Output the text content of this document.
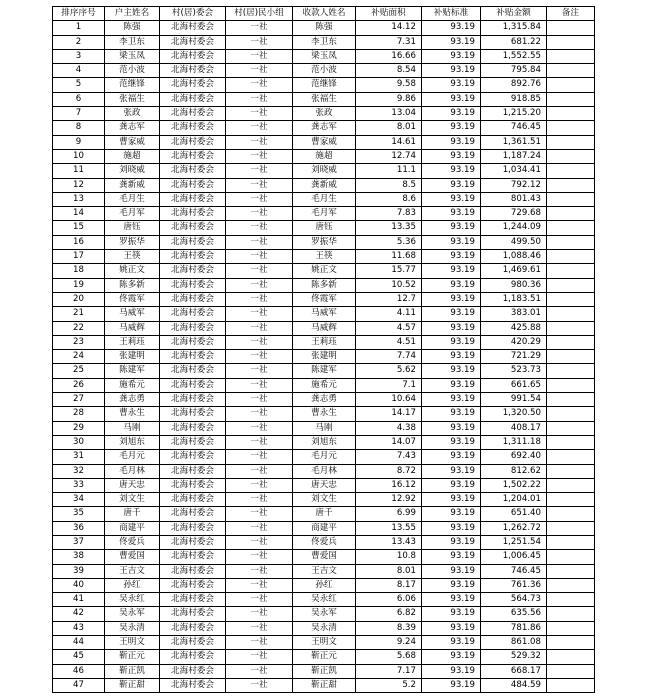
排序序号	户主姓名	村(居)委会	村(居)民小组	收款人姓名	补贴面积	补贴标准	补贴金额	备注
1	陈强	北海村委会	一社	陈强	14.12	93.19	1,315.84	
2	李卫东	北海村委会	一社	李卫东	7.31	93.19	681.22	
3	梁玉凤	北海村委会	一社	梁玉凤	16.66	93.19	1,552.55	
4	范小波	北海村委会	一社	范小波	8.54	93.19	795.84	
5	范继锋	北海村委会	一社	范继锋	9.58	93.19	892.76	
6	张福生	北海村委会	一社	张福生	9.86	93.19	918.85	
7	张政	北海村委会	一社	张政	13.04	93.19	1,215.20	
8	龚志军	北海村委会	一社	龚志军	8.01	93.19	746.45	
9	曹家威	北海村委会	一社	曹家威	14.61	93.19	1,361.51	
10	施超	北海村委会	一社	施超	12.74	93.19	1,187.24	
11	刘晓威	北海村委会	一社	刘晓威	11.1	93.19	1,034.41	
12	龚新威	北海村委会	一社	龚新威	8.5	93.19	792.12	
13	毛月生	北海村委会	一社	毛月生	8.6	93.19	801.43	
14	毛月军	北海村委会	一社	毛月军	7.83	93.19	729.68	
15	唐钰	北海村委会	一社	唐钰	13.35	93.19	1,244.09	
16	罗振华	北海村委会	一社	罗振华	5.36	93.19	499.50	
17	王筷	北海村委会	一社	王筷	11.68	93.19	1,088.46	
18	姚正文	北海村委会	一社	姚正文	15.77	93.19	1,469.61	
19	陈多新	北海村委会	一社	陈多新	10.52	93.19	980.36	
20	佟霞军	北海村委会	一社	佟霞军	12.7	93.19	1,183.51	
21	马威军	北海村委会	一社	马威军	4.11	93.19	383.01	
22	马威辉	北海村委会	一社	马威辉	4.57	93.19	425.88	
23	王莉珏	北海村委会	一社	王莉珏	4.51	93.19	420.29	
24	张建明	北海村委会	一社	张建明	7.74	93.19	721.29	
25	陈建军	北海村委会	一社	陈建军	5.62	93.19	523.73	
26	施希元	北海村委会	一社	施希元	7.1	93.19	661.65	
27	龚志勇	北海村委会	一社	龚志勇	10.64	93.19	991.54	
28	曹永生	北海村委会	一社	曹永生	14.17	93.19	1,320.50	
29	马刚	北海村委会	一社	马刚	4.38	93.19	408.17	
30	刘旭东	北海村委会	一社	刘旭东	14.07	93.19	1,311.18	
31	毛月元	北海村委会	一社	毛月元	7.43	93.19	692.40	
32	毛月林	北海村委会	一社	毛月林	8.72	93.19	812.62	
33	唐天忠	北海村委会	一社	唐天忠	16.12	93.19	1,502.22	
34	刘文生	北海村委会	一社	刘文生	12.92	93.19	1,204.01	
35	唐千	北海村委会	一社	唐千	6.99	93.19	651.40	
36	商建平	北海村委会	一社	商建平	13.55	93.19	1,262.72	
37	佟爱兵	北海村委会	一社	佟爱兵	13.43	93.19	1,251.54	
38	曹爱国	北海村委会	一社	曹爱国	10.8	93.19	1,006.45	
39	王吉文	北海村委会	一社	王吉文	8.01	93.19	746.45	
40	孙红	北海村委会	一社	孙红	8.17	93.19	761.36	
41	吴永红	北海村委会	一社	吴永红	6.06	93.19	564.73	
42	吴永军	北海村委会	一社	吴永军	6.82	93.19	635.56	
43	吴永清	北海村委会	一社	吴永清	8.39	93.19	781.86	
44	王明文	北海村委会	一社	王明文	9.24	93.19	861.08	
45	靳正元	北海村委会	一社	靳正元	5.68	93.19	529.32	
46	靳正凯	北海村委会	一社	靳正凯	7.17	93.19	668.17	
47	靳正甜	北海村委会	一社	靳正甜	5.2	93.19	484.59	
